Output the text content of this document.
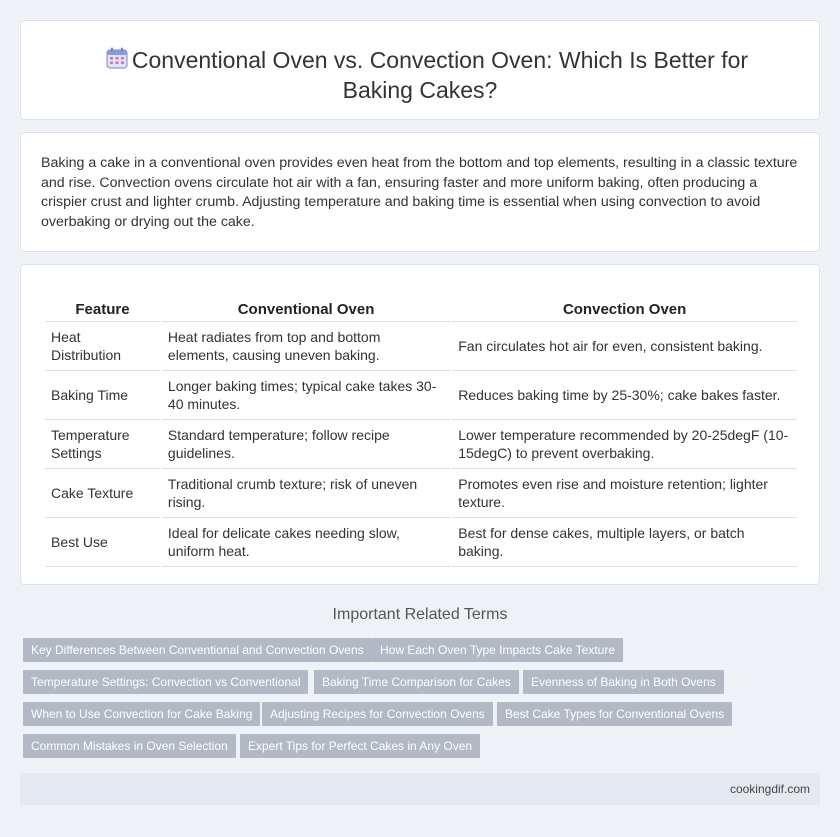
Conventional Oven vs. Convection Oven: Which Is Better for
Baking Cakes?
Baking a cake in a conventional oven provides even heat from the bottom and top elements, resulting in a classic texture and rise. Convection ovens circulate hot air with a fan, ensuring faster and more uniform baking, often producing a crispier crust and lighter crumb. Adjusting temperature and baking time is essential when using convection to avoid overbaking or drying out the cake.
Feature	Conventional Oven	Convection Oven
Heat Distribution	Heat radiates from top and bottom elements, causing uneven baking.	Fan circulates hot air for even, consistent baking.
Baking Time	Longer baking times; typical cake takes 30-40 minutes.	Reduces baking time by 25-30%; cake bakes faster.
Temperature Settings	Standard temperature; follow recipe guidelines.	Lower temperature recommended by 20-25degF (10-15degC) to prevent overbaking.
Cake Texture	Traditional crumb texture; risk of uneven rising.	Promotes even rise and moisture retention; lighter texture.
Best Use	Ideal for delicate cakes needing slow, uniform heat.	Best for dense cakes, multiple layers, or batch baking.
Important Related Terms
Key Differences Between Conventional and Convection Ovens	How Each Oven Type Impacts Cake Texture
Temperature Settings: Convection vs Conventional	Baking Time Comparison for Cakes	Evenness of Baking in Both Ovens
When to Use Convection for Cake Baking	Adjusting Recipes for Convection Ovens	Best Cake Types for Conventional Ovens
Common Mistakes in Oven Selection	Expert Tips for Perfect Cakes in Any Oven
cookingdif.com
